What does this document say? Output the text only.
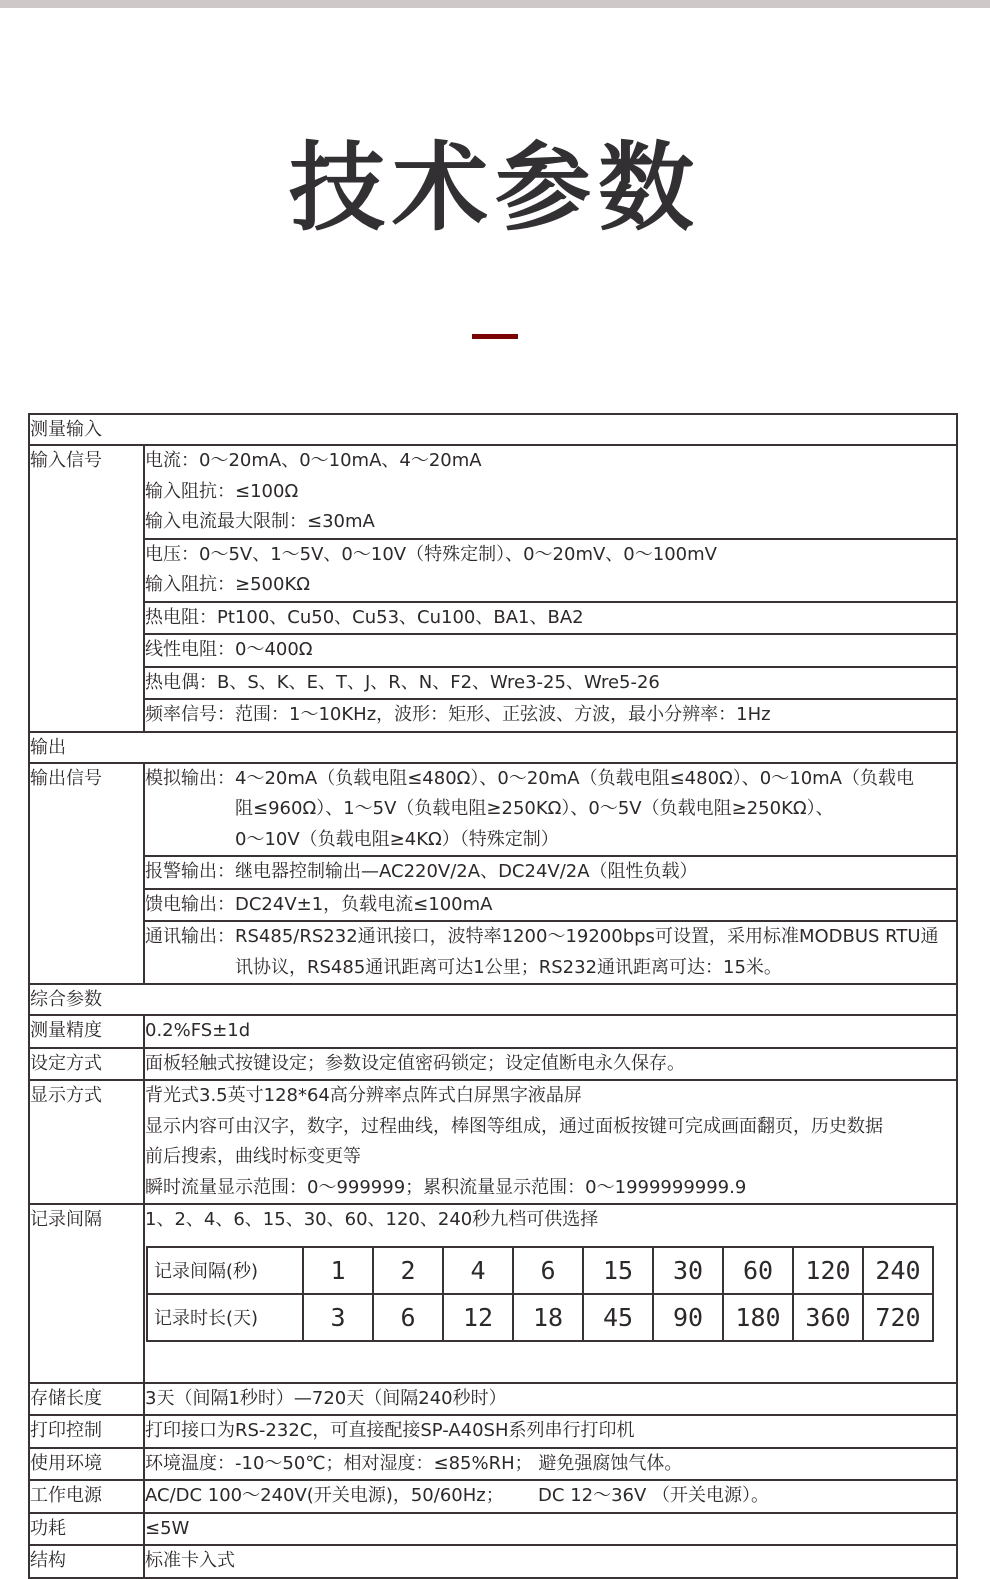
技术参数
测量输入
输入信号	电流：0～20mA、0～10mA、4～20mA
输入阻抗：≤100Ω
输入电流最大限制：≤30mA

电压：0～5V、1～5V、0～10V（特殊定制）、0～20mV、0～100mV
输入阻抗：≥500KΩ

热电阻：Pt100、Cu50、Cu53、Cu100、BA1、BA2

线性电阻：0～400Ω

热电偶：B、S、K、E、T、J、R、N、F2、Wre3-25、Wre5-26

频率信号：范围：1～10KHz，波形：矩形、正弦波、方波，最小分辨率：1Hz

输出
输出信号	模拟输出：4～20mA（负载电阻≤480Ω）、0～20mA（负载电阻≤480Ω）、0～10mA（负载电
阻≤960Ω）、1～5V（负载电阻≥250KΩ）、0～5V（负载电阻≥250KΩ）、
0～10V（负载电阻≥4KΩ）（特殊定制）

报警输出：继电器控制输出—AC220V/2A、DC24V/2A（阻性负载）

馈电输出：DC24V±1，负载电流≤100mA

通讯输出：RS485/RS232通讯接口，波特率1200～19200bps可设置，采用标准MODBUS RTU通
讯协议，RS485通讯距离可达1公里；RS232通讯距离可达：15米。

综合参数
测量精度	0.2%FS±1d

设定方式	面板轻触式按键设定；参数设定值密码锁定；设定值断电永久保存。

显示方式	背光式3.5英寸128*64高分辨率点阵式白屏黑字液晶屏
显示内容可由汉字，数字，过程曲线，棒图等组成，通过面板按键可完成画面翻页，历史数据
前后搜索，曲线时标变更等
瞬时流量显示范围：0～999999；累积流量显示范围：0～1999999999.9

记录间隔	1、2、4、6、15、30、60、120、240秒九档可供选择
记录间隔(秒)	1	2	4	6	15	30	60	120	240
记录时长(天)	3	6	12	18	45	90	180	360	720

存储长度	3天（间隔1秒时）—720天（间隔240秒时）

打印控制	打印接口为RS-232C，可直接配接SP-A40SH系列串行打印机

使用环境	环境温度：-10～50℃；相对湿度：≤85%RH； 避免强腐蚀气体。

工作电源	AC/DC 100～240V(开关电源)，50/60Hz；      DC 12～36V （开关电源）。

功耗	≤5W

结构	标准卡入式
